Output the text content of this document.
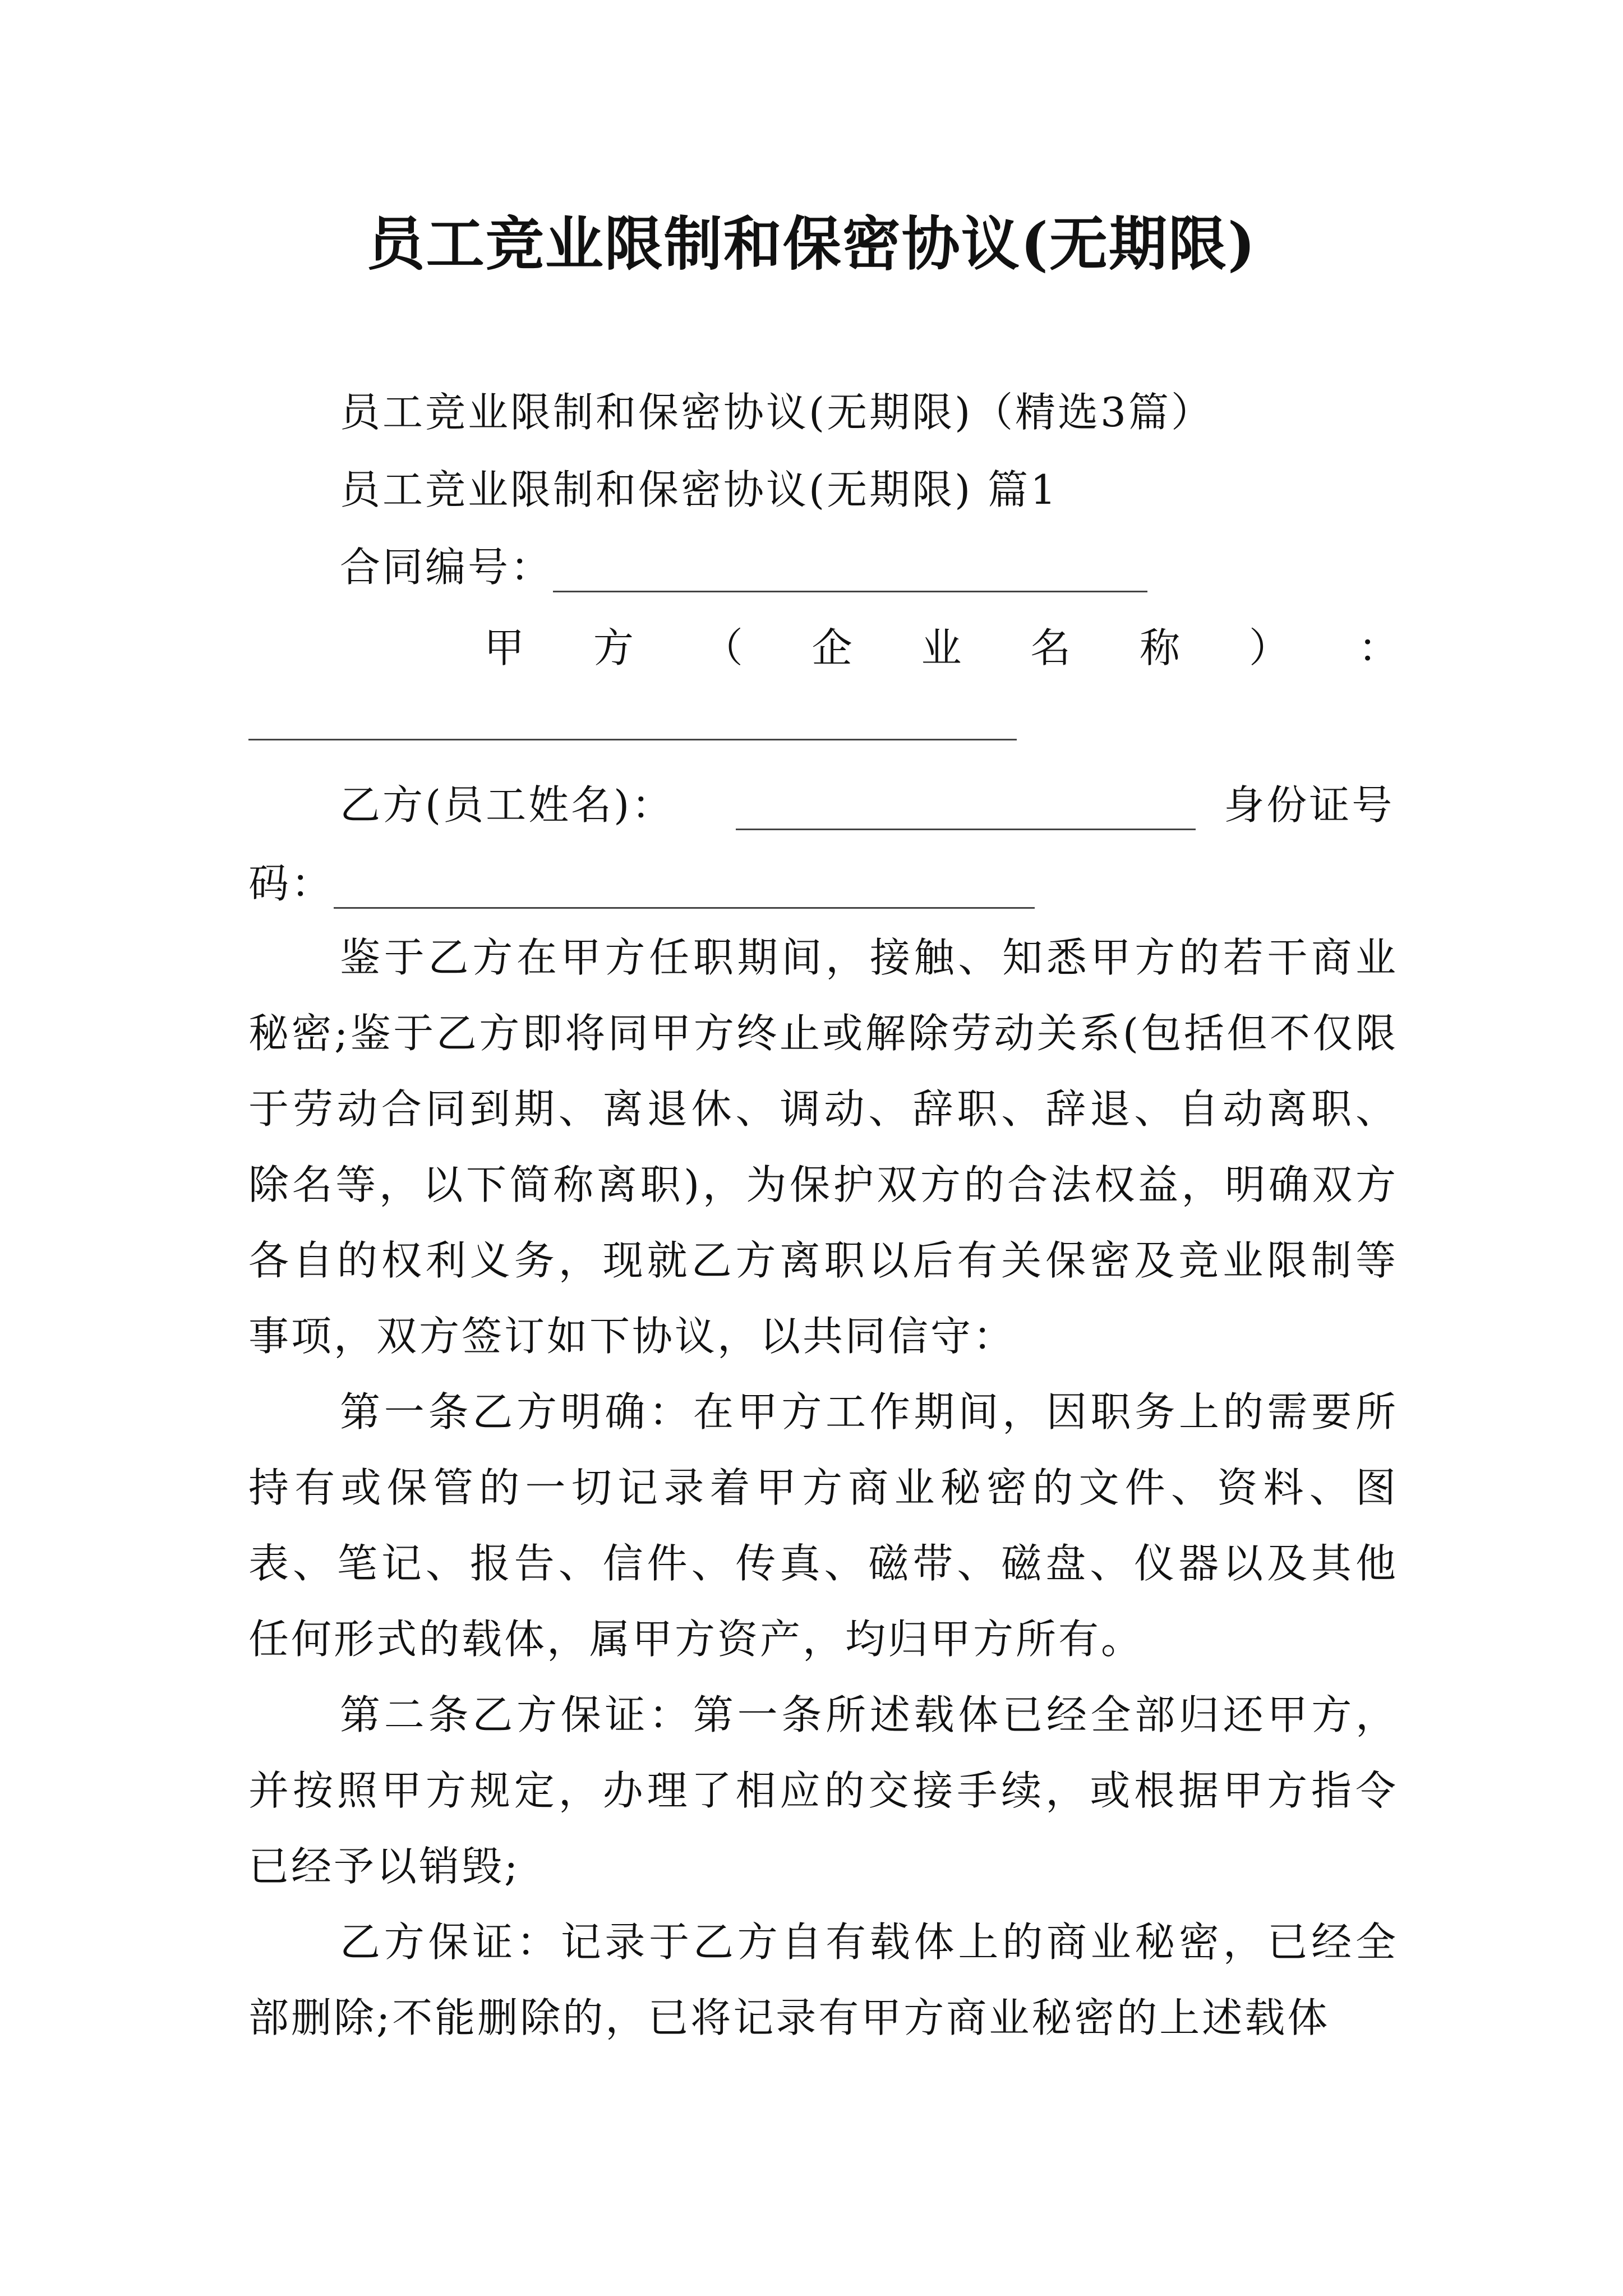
员工竞业限制和保密协议(无期限)
员工竞业限制和保密协议(无期限)（精选3篇）
员工竞业限制和保密协议(无期限) 篇1
合同编号：
甲 方 （ 企 业 名 称 ） ：
乙方(员工姓名)：	身份证号
码：
鉴于乙方在甲方任职期间，接触、知悉甲方的若干商业秘密;鉴于乙方即将同甲方终止或解除劳动关系(包括但不仅限于劳动合同到期、离退休、调动、辞职、辞退、自动离职、除名等，以下简称离职)，为保护双方的合法权益，明确双方各自的权利义务，现就乙方离职以后有关保密及竞业限制等事项，双方签订如下协议，以共同信守：
第一条乙方明确：在甲方工作期间，因职务上的需要所持有或保管的一切记录着甲方商业秘密的文件、资料、图表、笔记、报告、信件、传真、磁带、磁盘、仪器以及其他任何形式的载体，属甲方资产，均归甲方所有。
第二条乙方保证：第一条所述载体已经全部归还甲方，并按照甲方规定，办理了相应的交接手续，或根据甲方指令已经予以销毁;
乙方保证：记录于乙方自有载体上的商业秘密，已经全部删除;不能删除的，已将记录有甲方商业秘密的上述载体
